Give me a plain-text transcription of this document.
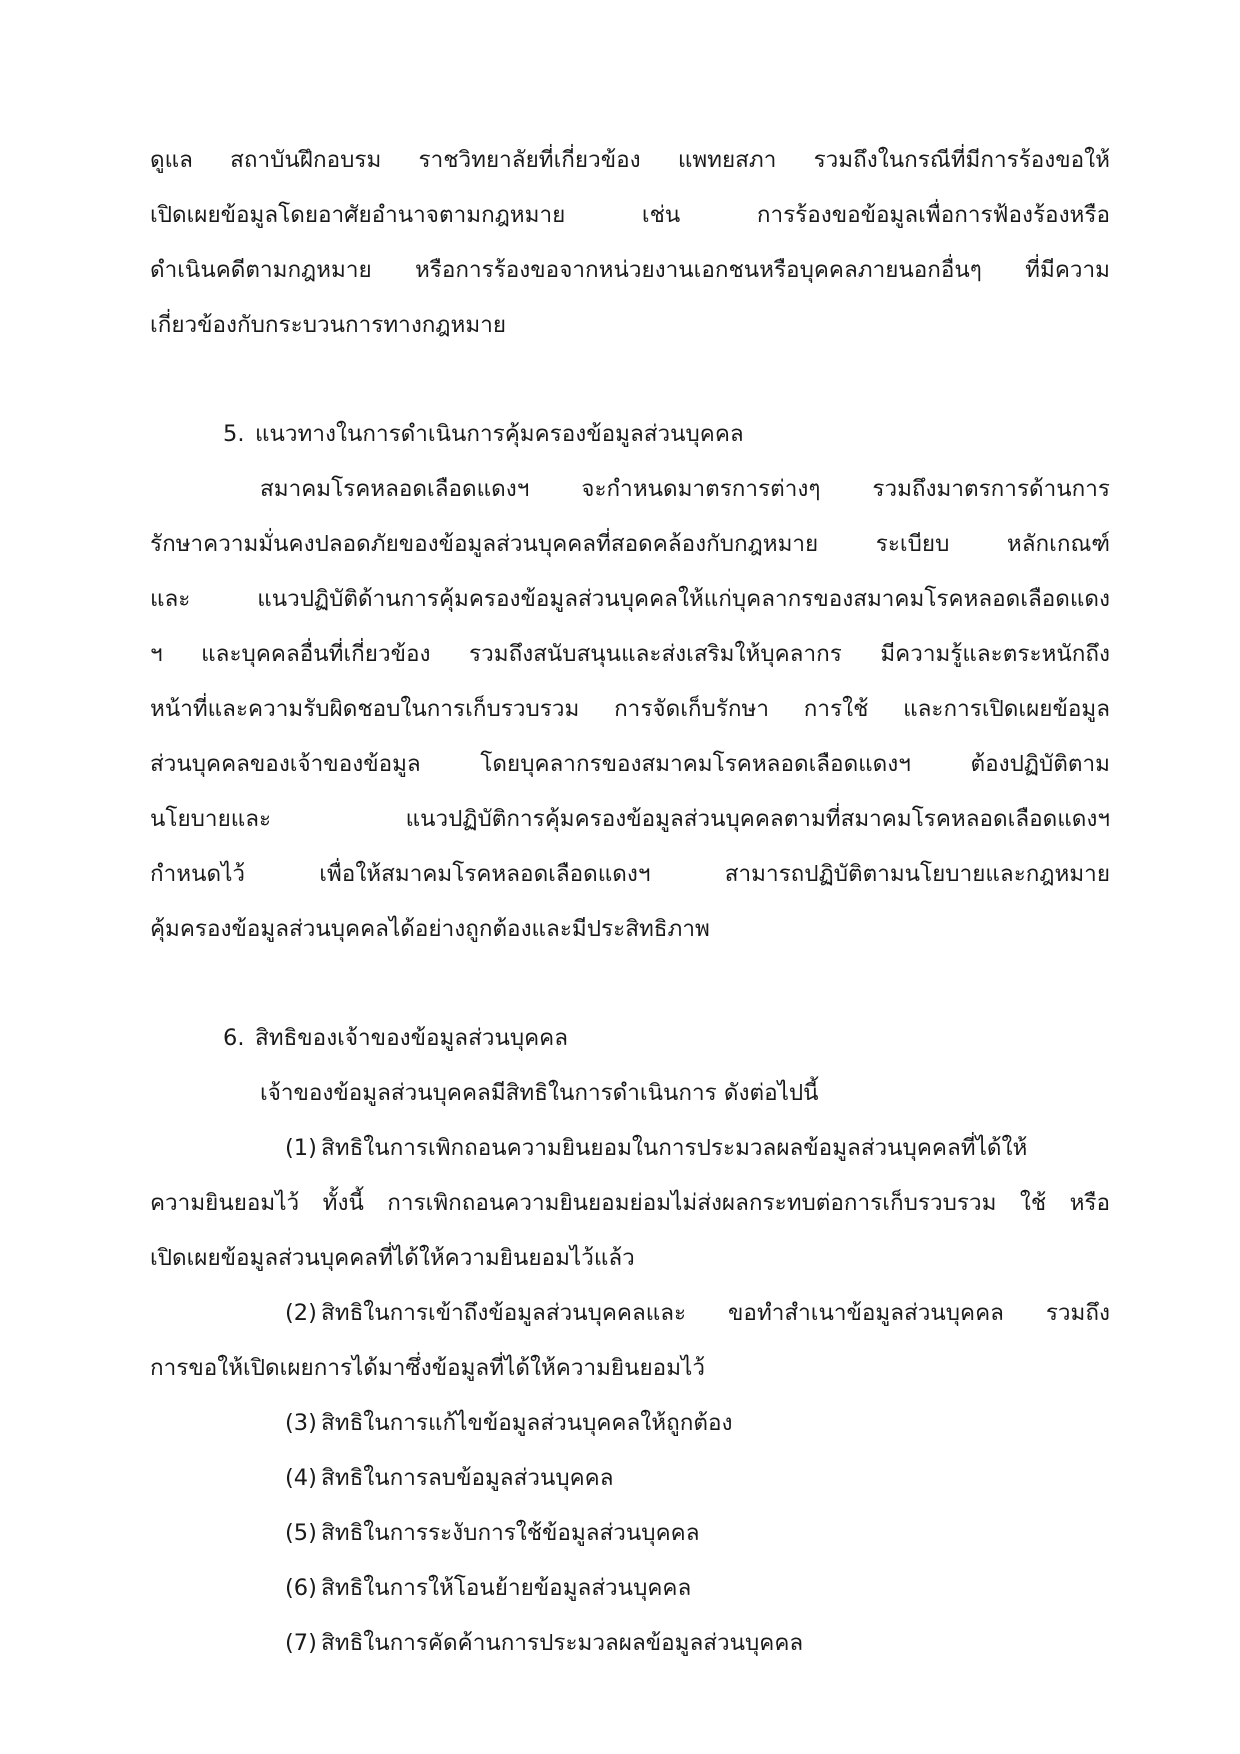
ดูแล สถาบันฝึกอบรม ราชวิทยาลัยที่เกี่ยวข้อง แพทยสภา รวมถึงในกรณีที่มีการร้องขอให้

เปิดเผยข้อมูลโดยอาศัยอำนาจตามกฎหมาย เช่น การร้องขอข้อมูลเพื่อการฟ้องร้องหรือ

ดำเนินคดีตามกฎหมาย หรือการร้องขอจากหน่วยงานเอกชนหรือบุคคลภายนอกอื่นๆ ที่มีความ

เกี่ยวข้องกับกระบวนการทางกฎหมาย

5. แนวทางในการดำเนินการคุ้มครองข้อมูลส่วนบุคคล

สมาคมโรคหลอดเลือดแดงฯ จะกำหนดมาตรการต่างๆ รวมถึงมาตรการด้านการ

รักษาความมั่นคงปลอดภัยของข้อมูลส่วนบุคคลที่สอดคล้องกับกฎหมาย ระเบียบ หลักเกณฑ์

และ แนวปฏิบัติด้านการคุ้มครองข้อมูลส่วนบุคคลให้แก่บุคลากรของสมาคมโรคหลอดเลือดแดง

ฯ และบุคคลอื่นที่เกี่ยวข้อง รวมถึงสนับสนุนและส่งเสริมให้บุคลากร มีความรู้และตระหนักถึง

หน้าที่และความรับผิดชอบในการเก็บรวบรวม การจัดเก็บรักษา การใช้ และการเปิดเผยข้อมูล

ส่วนบุคคลของเจ้าของข้อมูล โดยบุคลากรของสมาคมโรคหลอดเลือดแดงฯ ต้องปฏิบัติตาม

นโยบายและ แนวปฏิบัติการคุ้มครองข้อมูลส่วนบุคคลตามที่สมาคมโรคหลอดเลือดแดงฯ

กำหนดไว้ เพื่อให้สมาคมโรคหลอดเลือดแดงฯ สามารถปฏิบัติตามนโยบายและกฎหมาย

คุ้มครองข้อมูลส่วนบุคคลได้อย่างถูกต้องและมีประสิทธิภาพ

6. สิทธิของเจ้าของข้อมูลส่วนบุคคล

เจ้าของข้อมูลส่วนบุคคลมีสิทธิในการดำเนินการ ดังต่อไปนี้

(1) สิทธิในการเพิกถอนความยินยอมในการประมวลผลข้อมูลส่วนบุคคลที่ได้ให้

ความยินยอมไว้ ทั้งนี้ การเพิกถอนความยินยอมย่อมไม่ส่งผลกระทบต่อการเก็บรวบรวม ใช้ หรือ

เปิดเผยข้อมูลส่วนบุคคลที่ได้ให้ความยินยอมไว้แล้ว

(2) สิทธิในการเข้าถึงข้อมูลส่วนบุคคลและ ขอทำสำเนาข้อมูลส่วนบุคคล รวมถึง

การขอให้เปิดเผยการได้มาซึ่งข้อมูลที่ได้ให้ความยินยอมไว้

(3) สิทธิในการแก้ไขข้อมูลส่วนบุคคลให้ถูกต้อง

(4) สิทธิในการลบข้อมูลส่วนบุคคล

(5) สิทธิในการระงับการใช้ข้อมูลส่วนบุคคล

(6) สิทธิในการให้โอนย้ายข้อมูลส่วนบุคคล

(7) สิทธิในการคัดค้านการประมวลผลข้อมูลส่วนบุคคล
